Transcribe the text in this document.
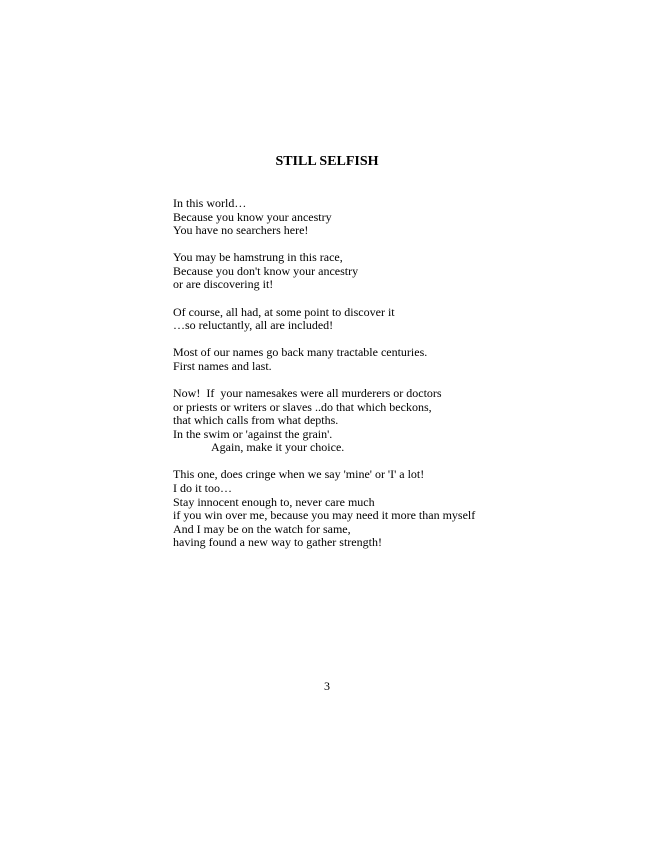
STILL SELFISH
In this world…
Because you know your ancestry
You have no searchers here!
You may be hamstrung in this race,
Because you don't know your ancestry
or are discovering it!
Of course, all had, at some point to discover it
…so reluctantly, all are included!
Most of our names go back many tractable centuries.
First names and last.
Now!  If  your namesakes were all murderers or doctors
or priests or writers or slaves ..do that which beckons,
that which calls from what depths.
In the swim or 'against the grain'.
Again, make it your choice.
This one, does cringe when we say 'mine' or 'I' a lot!
I do it too…
Stay innocent enough to, never care much
if you win over me, because you may need it more than myself
And I may be on the watch for same,
having found a new way to gather strength!
3
